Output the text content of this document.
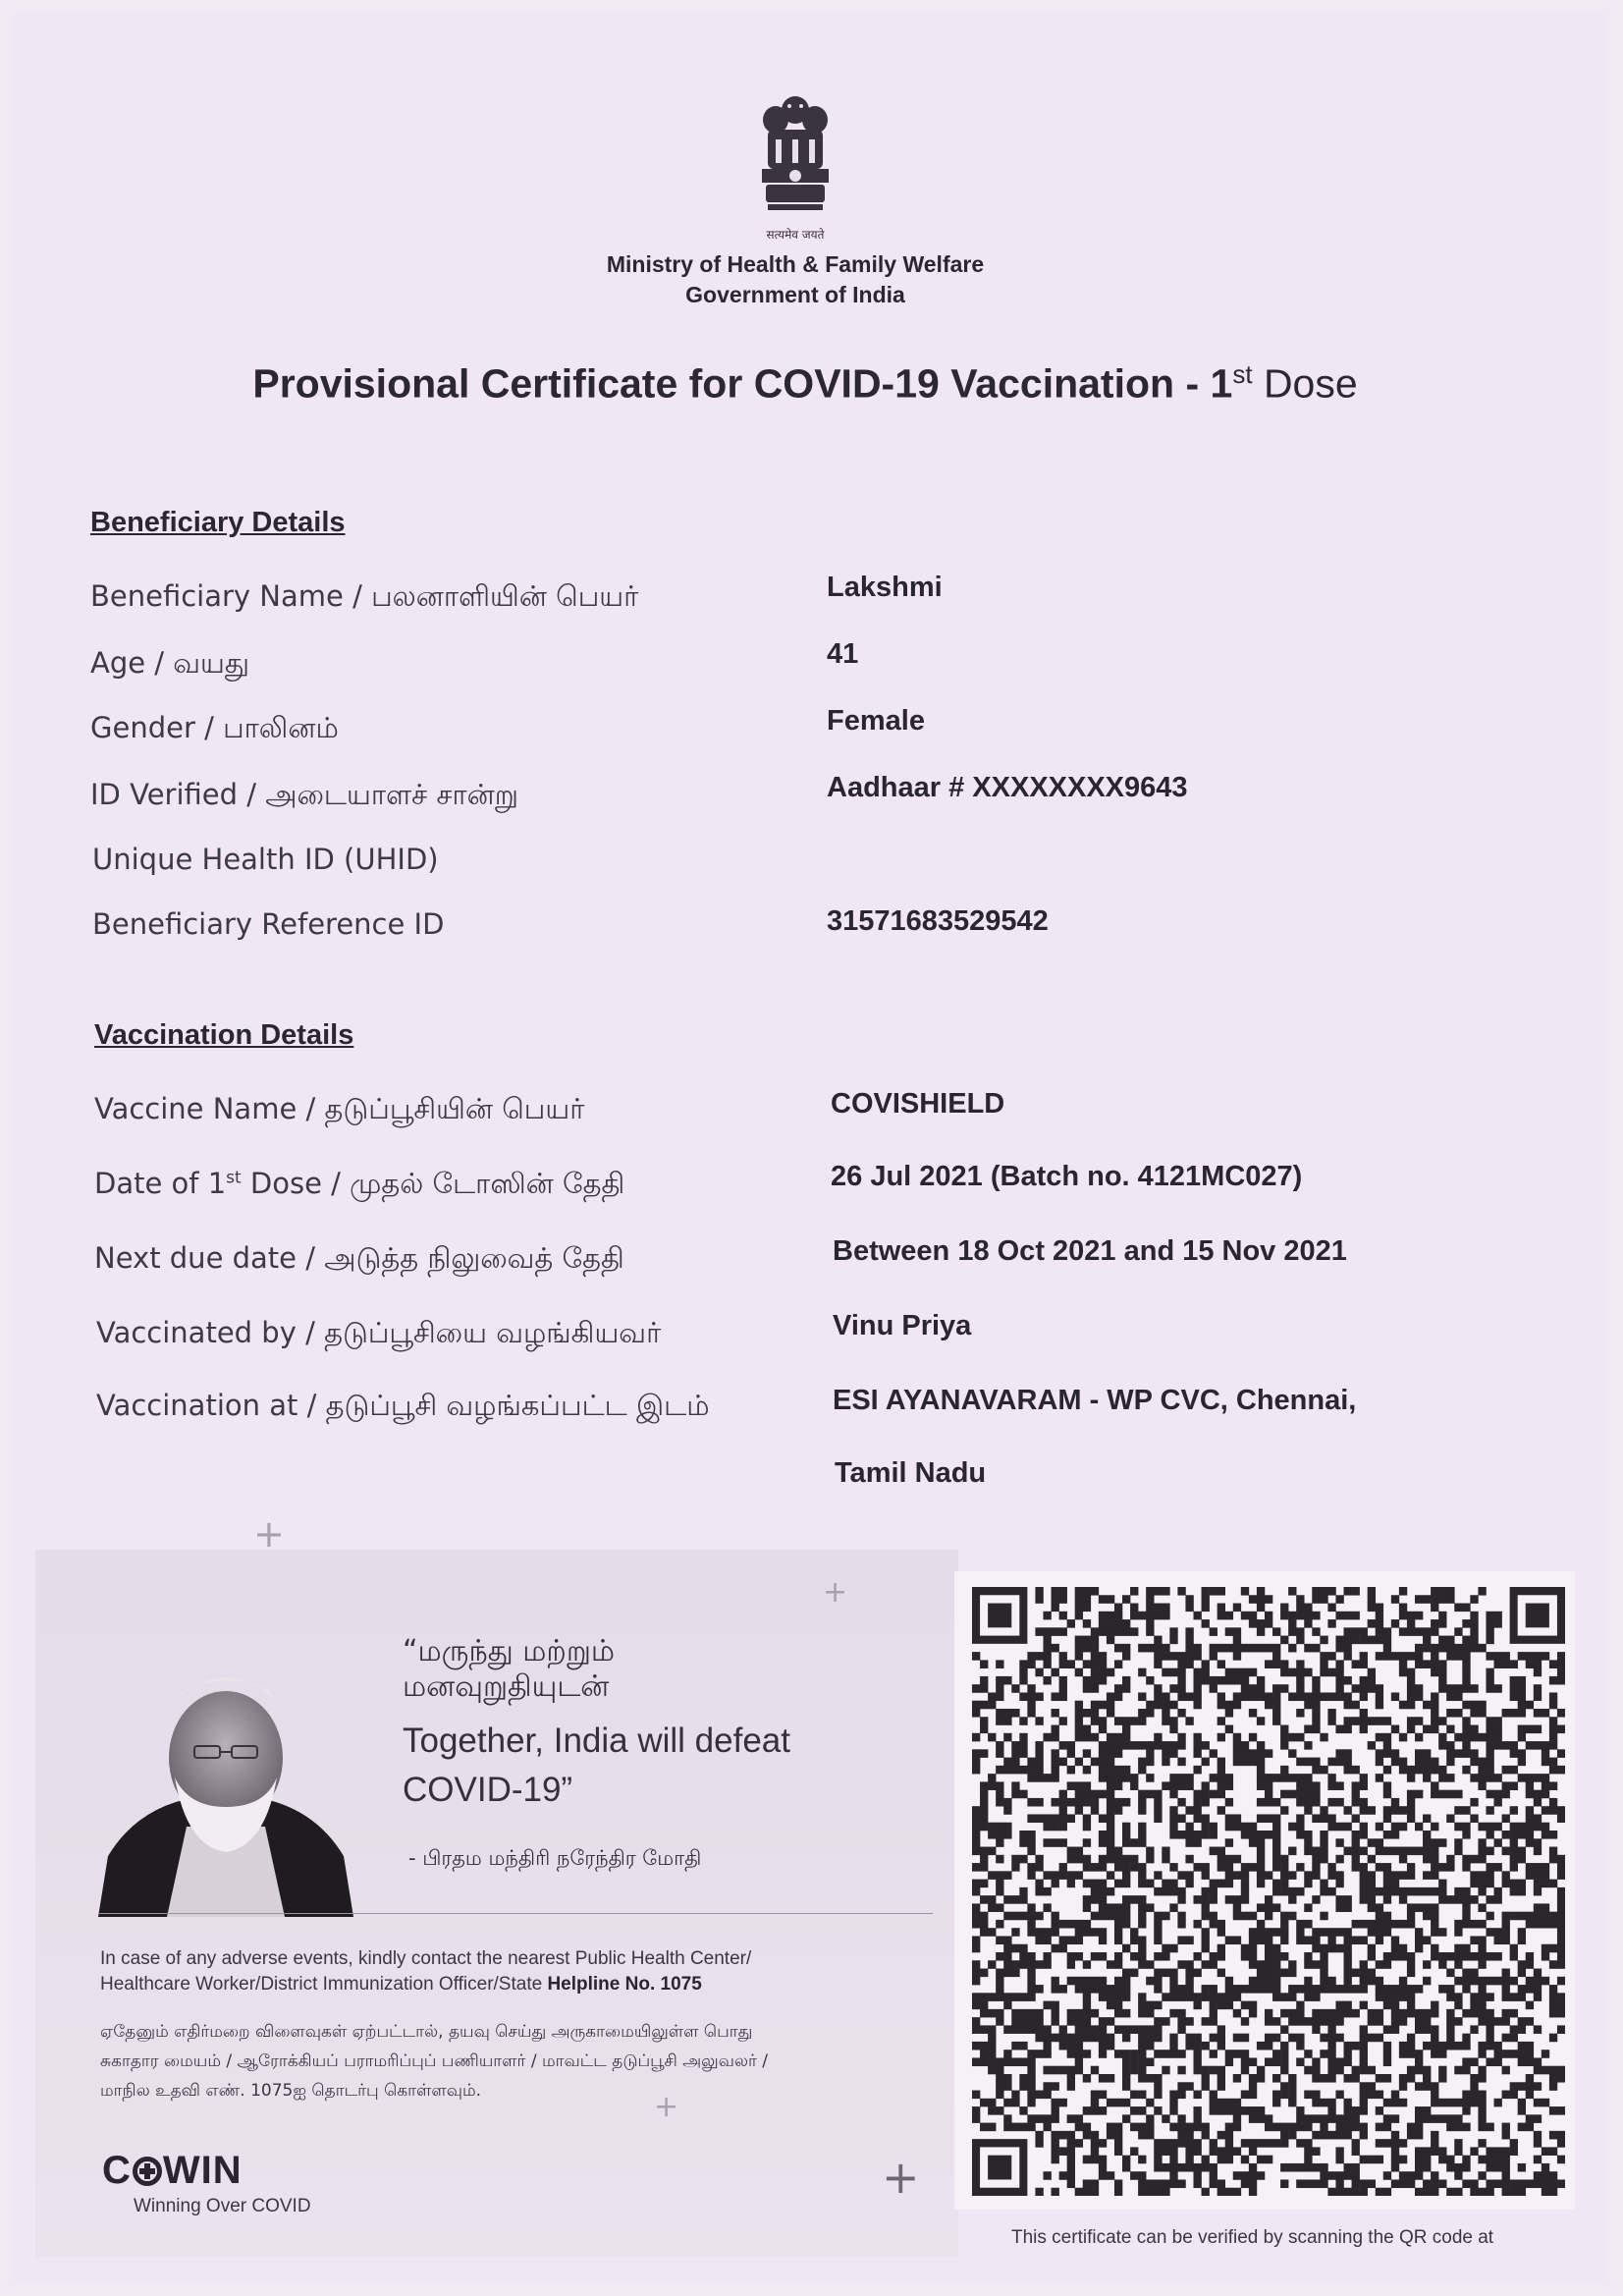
सत्यमेव जयते
Ministry of Health & Family Welfare
Government of India
Provisional Certificate for COVID-19 Vaccination - 1st Dose
Beneficiary Details
Beneficiary Name / பலனாளியின் பெயர்	Lakshmi
Age / வயது	41
Gender / பாலினம்	Female
ID Verified / அடையாளச் சான்று	Aadhaar # XXXXXXXX9643
Unique Health ID (UHID)
Beneficiary Reference ID	31571683529542
Vaccination Details
Vaccine Name / தடுப்பூசியின் பெயர்	COVISHIELD
Date of 1st Dose / முதல் டோஸின் தேதி	26 Jul 2021 (Batch no. 4121MC027)
Next due date / அடுத்த நிலுவைத் தேதி	Between 18 Oct 2021 and 15 Nov 2021
Vaccinated by / தடுப்பூசியை வழங்கியவர்	Vinu Priya
Vaccination at / தடுப்பூசி வழங்கப்பட்ட இடம்	ESI AYANAVARAM - WP CVC, Chennai,
Tamil Nadu
+
+
+
+
“மருந்து மற்றும்
மனவுறுதியுடன்
Together, India will defeat
COVID-19”
- பிரதம மந்திரி நரேந்திர மோதி
In case of any adverse events, kindly contact the nearest Public Health Center/
Healthcare Worker/District Immunization Officer/State Helpline No. 1075
ஏதேனும் எதிர்மறை விளைவுகள் ஏற்பட்டால், தயவு செய்து அருகாமையிலுள்ள பொது
சுகாதார மையம் / ஆரோக்கியப் பராமரிப்புப் பணியாளர் / மாவட்ட தடுப்பூசி அலுவலர் /
மாநில உதவி எண். 1075ஐ தொடர்பு கொள்ளவும்.
C WIN
Winning Over COVID
This certificate can be verified by scanning the QR code at
